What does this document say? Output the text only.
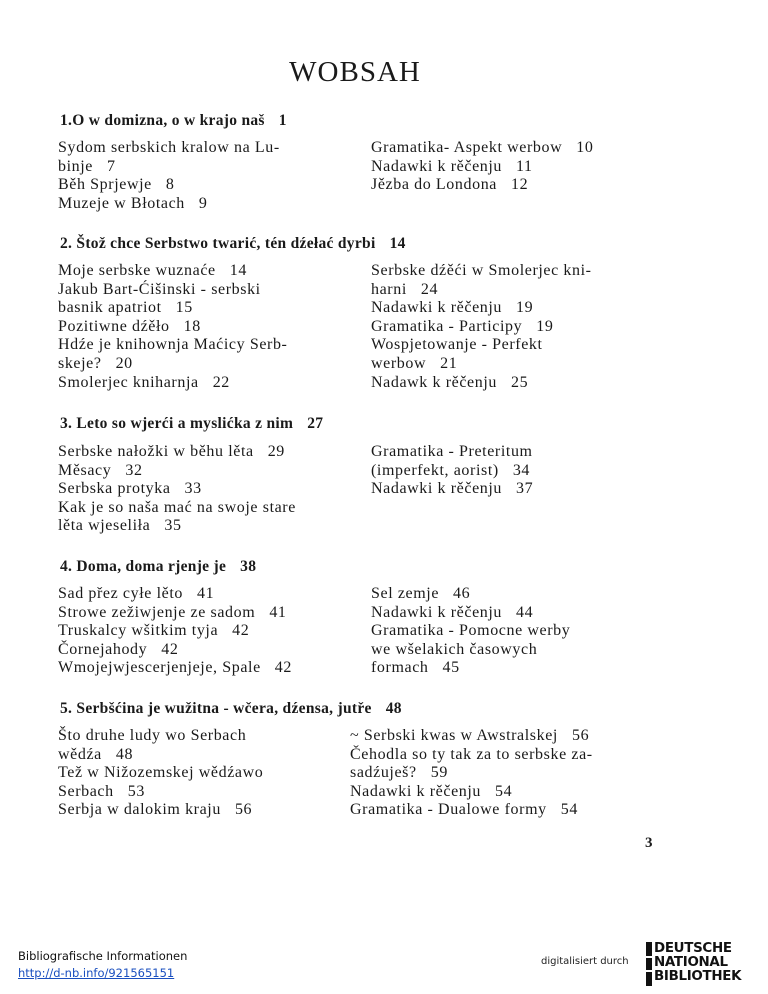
WOBSAH
1.O w domizna, o w krajo naš 1
Sydom serbskich kralow na Lu-
binje 7
Běh Sprjewje 8
Muzeje w Błotach 9
Gramatika- Aspekt werbow 10
Nadawki k rěčenju 11
Jězba do Londona 12
2. Štož chce Serbstwo twarić, tén dźełać dyrbi 14
Moje serbske wuznaće 14
Jakub Bart-Ćišinski - serbski
basnik apatriot 15
Pozitiwne dźěło 18
Hdźe je knihownja Maćicy Serb-
skeje? 20
Smolerjec kniharnja 22
Serbske dźěći w Smolerjec kni-
harni 24
Nadawki k rěčenju 19
Gramatika - Participy 19
Wospjetowanje - Perfekt
werbow 21
Nadawk k rěčenju 25
3. Leto so wjerći a myslićka z nim 27
Serbske nałožki w běhu lěta 29
Měsacy 32
Serbska protyka 33
Kak je so naša mać na swoje stare
lěta wjeseliła 35
Gramatika - Preteritum
(imperfekt, aorist) 34
Nadawki k rěčenju 37
4. Doma, doma rjenje je 38
Sad přez cyłe lěto 41
Strowe zežiwjenje ze sadom 41
Truskalcy wšitkim tyja 42
Čornejahody 42
Wmojejwjescerjenjeje, Spale 42
Sel zemje 46
Nadawki k rěčenju 44
Gramatika - Pomocne werby
we wšelakich časowych
formach 45
5. Serbšćina je wužitna - wčera, dźensa, jutře 48
Što druhe ludy wo Serbach
wědźa 48
Tež w Nižozemskej wědźawo
Serbach 53
Serbja w dalokim kraju 56
~ Serbski kwas w Awstralskej 56
Čehodla so ty tak za to serbske za-
sadźuješ? 59
Nadawki k rěčenju 54
Gramatika - Dualowe formy 54
3
Bibliografische Informationen
http://d-nb.info/921565151
digitalisiert durch
DEUTSCHE
NATIONAL
BIBLIOTHEK
